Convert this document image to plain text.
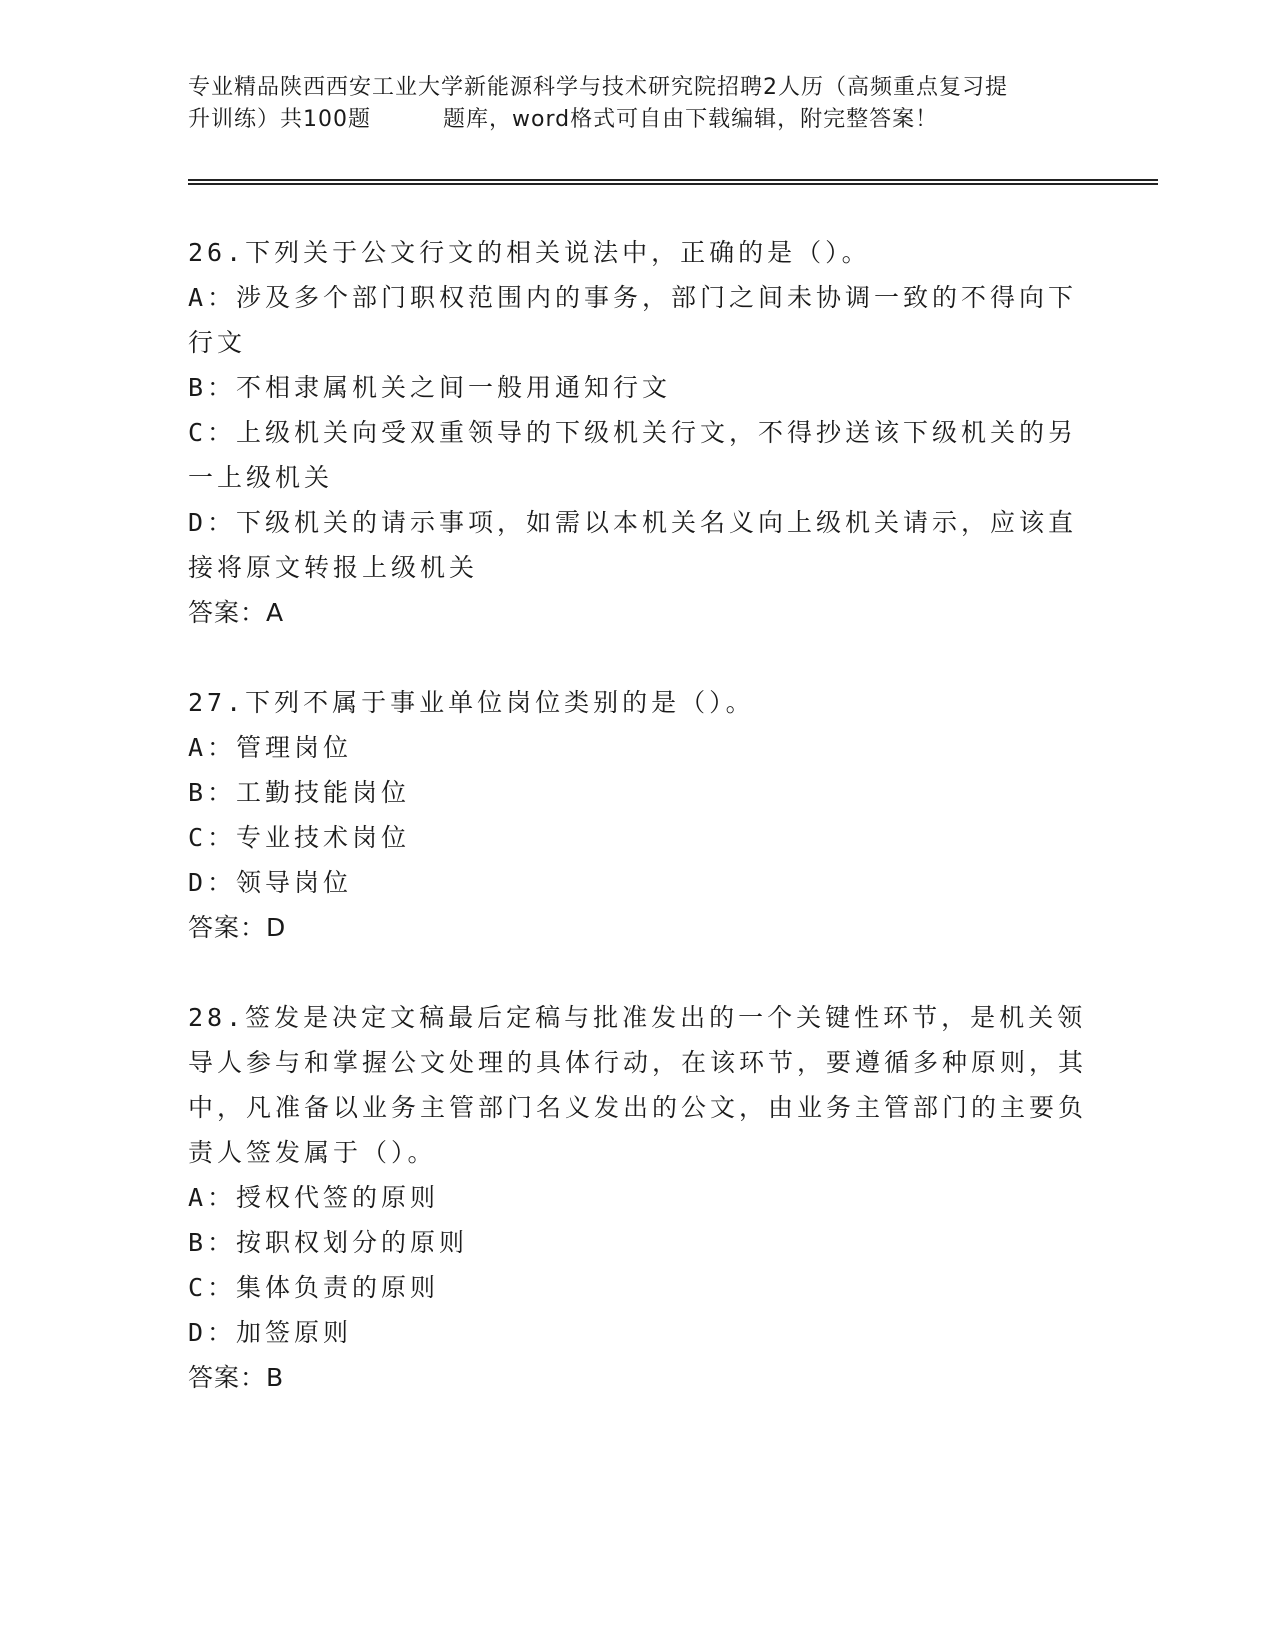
专业精品陕西西安工业大学新能源科学与技术研究院招聘2人历（高频重点复习提
升训练）共100题	题库，word格式可自由下载编辑，附完整答案！

26.下列关于公文行文的相关说法中，正确的是（）。

A：涉及多个部门职权范围内的事务，部门之间未协调一致的不得向下行文

B：不相隶属机关之间一般用通知行文

C：上级机关向受双重领导的下级机关行文，不得抄送该下级机关的另一上级机关

D：下级机关的请示事项，如需以本机关名义向上级机关请示，应该直接将原文转报上级机关

答案：A

27.下列不属于事业单位岗位类别的是（）。

A：管理岗位

B：工勤技能岗位

C：专业技术岗位

D：领导岗位

答案：D

28.签发是决定文稿最后定稿与批准发出的一个关键性环节，是机关领导人参与和掌握公文处理的具体行动，在该环节，要遵循多种原则，其中，凡准备以业务主管部门名义发出的公文，由业务主管部门的主要负责人签发属于（）。

A：授权代签的原则

B：按职权划分的原则

C：集体负责的原则

D：加签原则

答案：B
